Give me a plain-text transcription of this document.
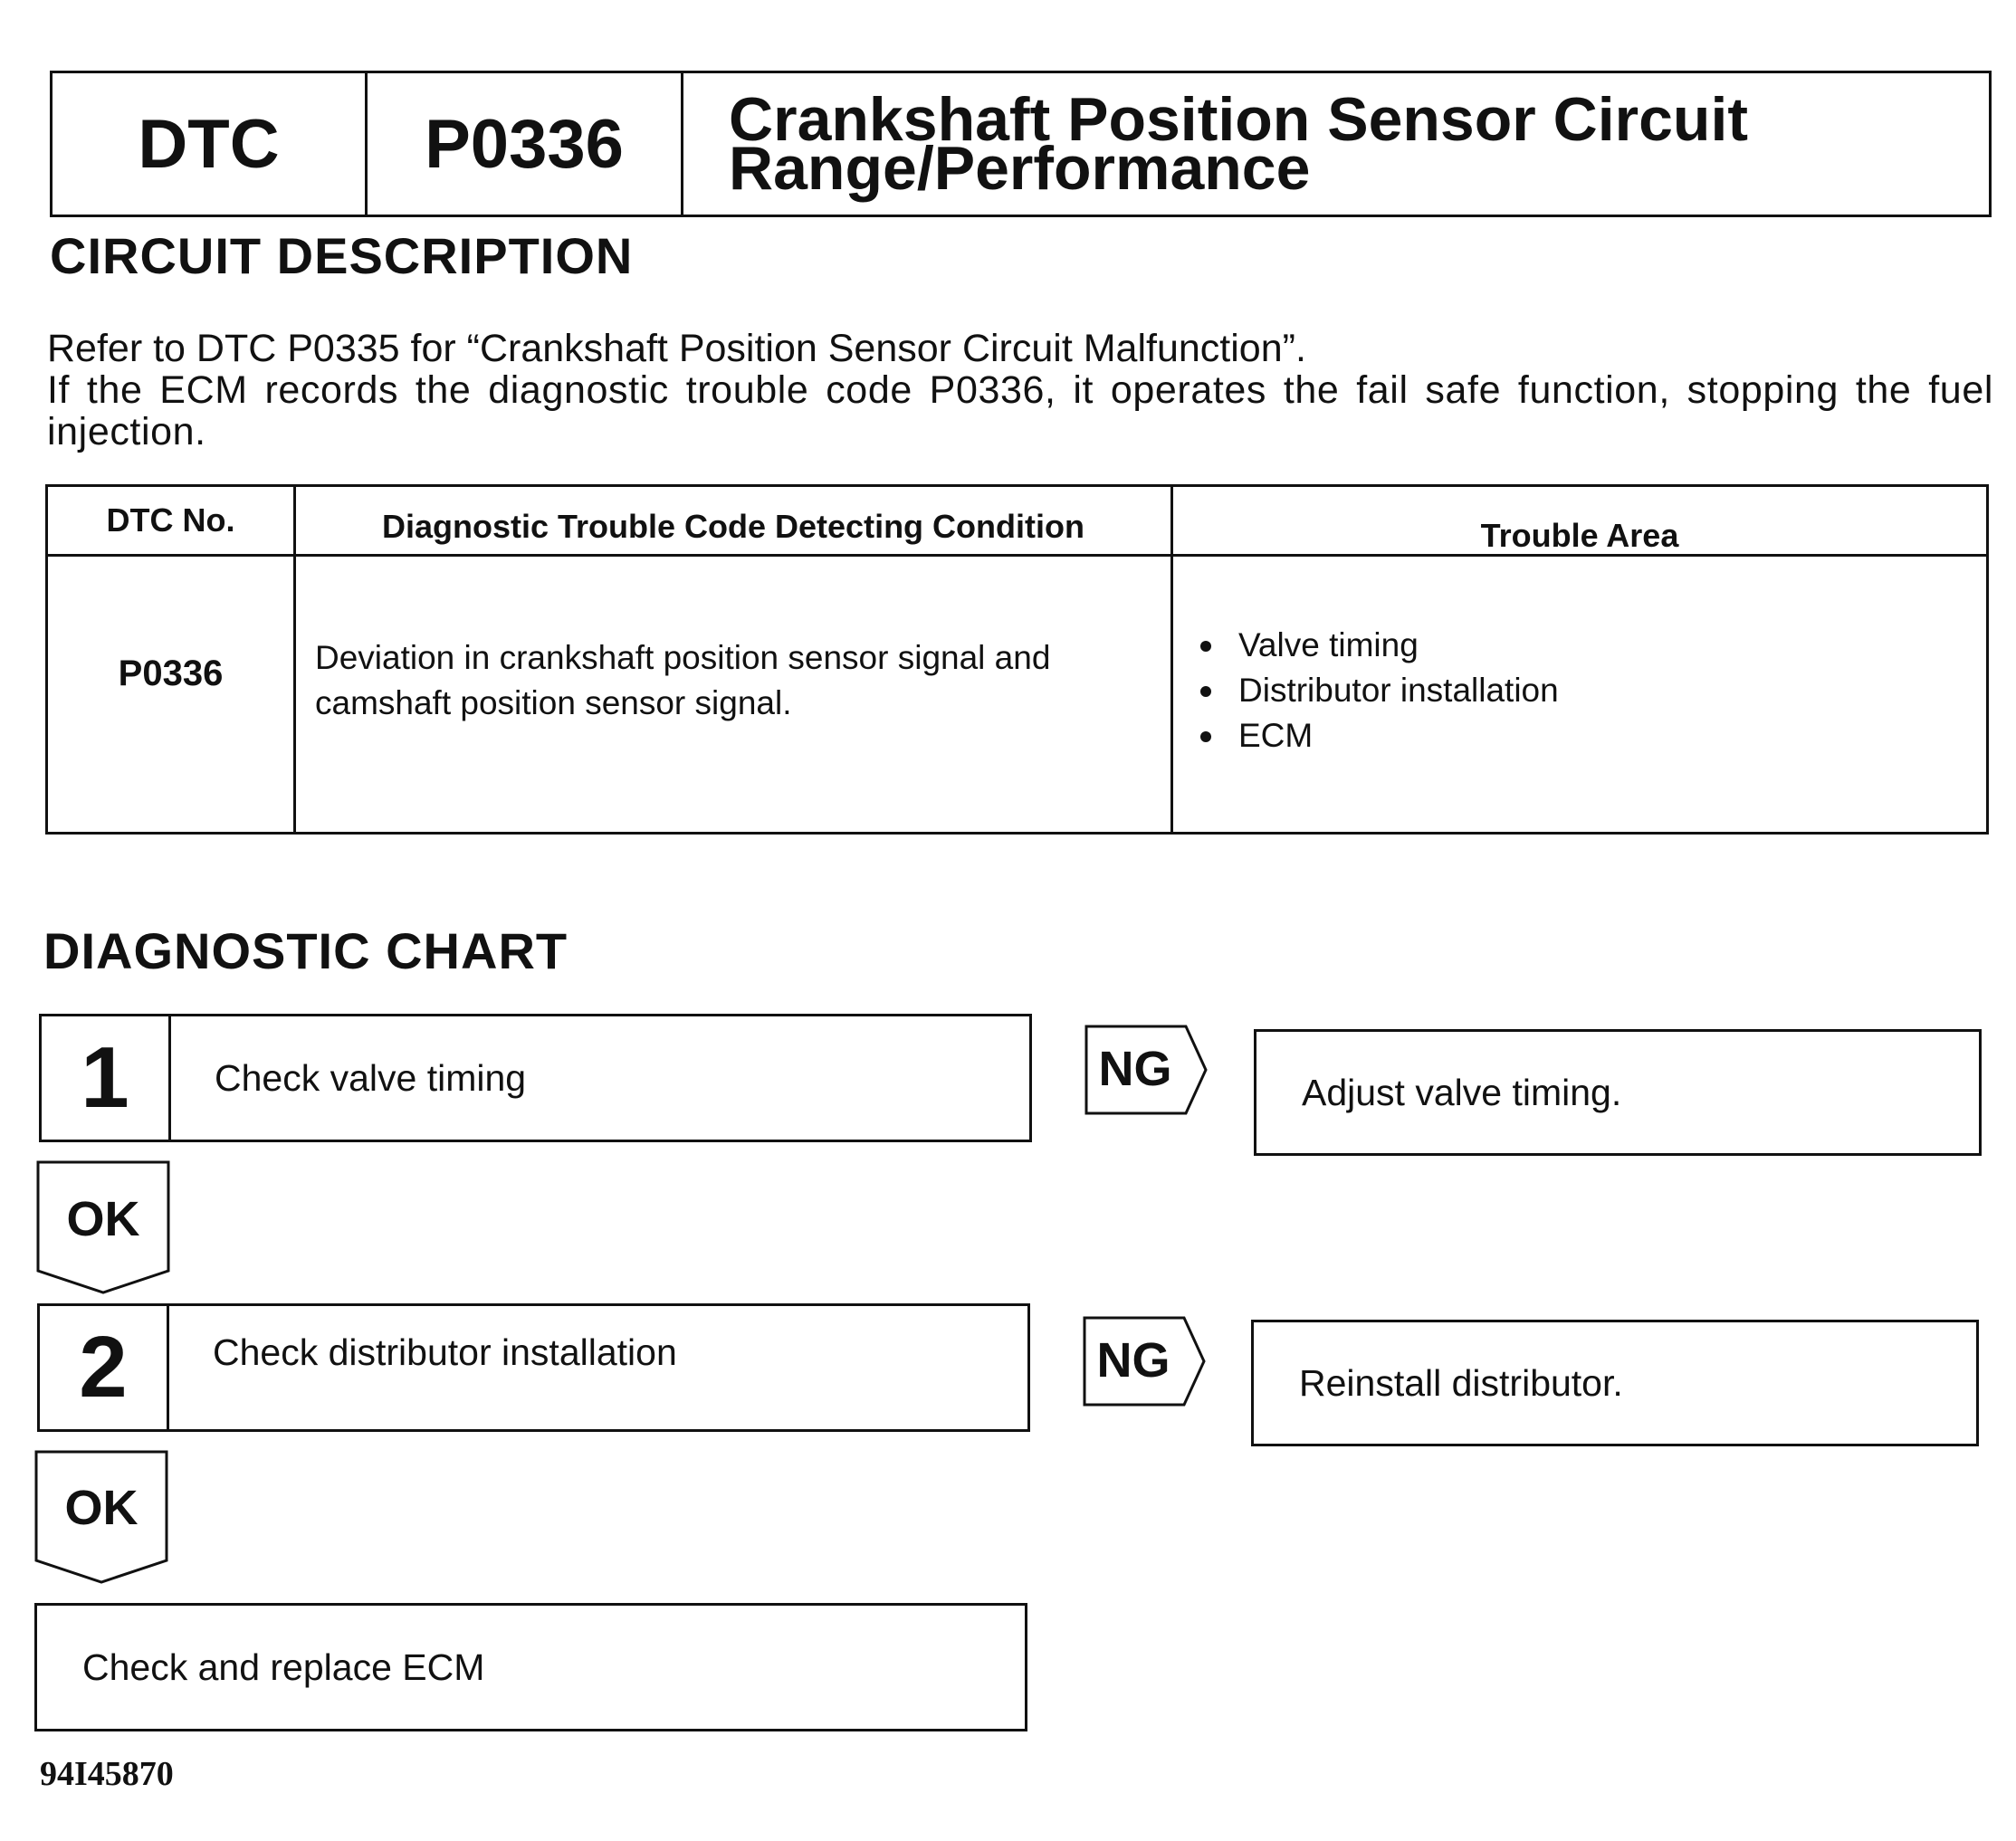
DTC	P0336	Crankshaft Position Sensor Circuit
Range/Performance
CIRCUIT DESCRIPTION
Refer to DTC P0335 for “Crankshaft Position Sensor Circuit Malfunction”.
If the ECM records the diagnostic trouble code P0336, it operates the fail safe function, stopping the fuel injection.
DTC No.	Diagnostic Trouble Code Detecting Condition	Trouble Area
P0336	Deviation in crankshaft position sensor signal and camshaft position sensor signal.
Valve timing
Distributor installation
ECM
DIAGNOSTIC CHART
1	Check valve timing	NG	Adjust valve timing.
OK
2	Check distributor installation	NG	Reinstall distributor.
OK
Check and replace ECM
94I45870
